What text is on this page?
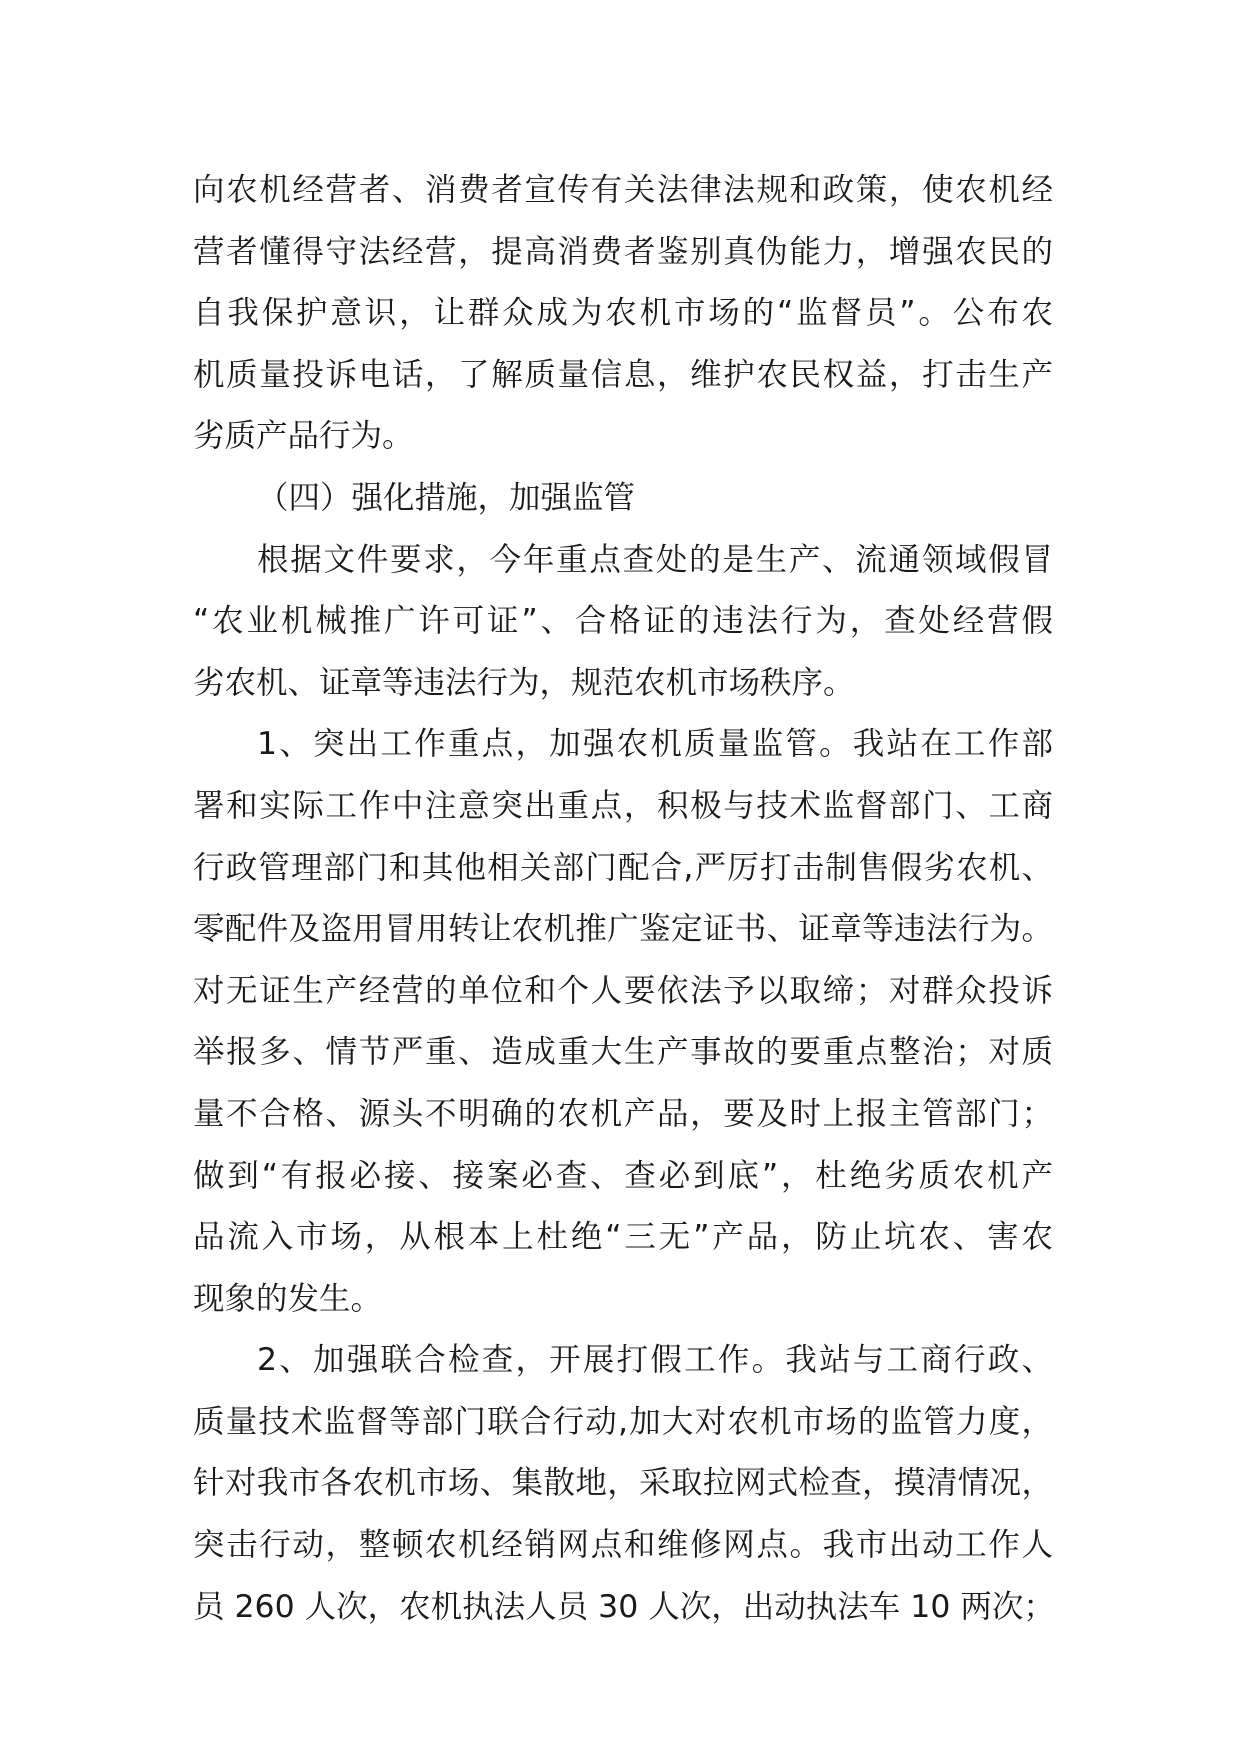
向农机经营者、消费者宣传有关法律法规和政策，使农机经
营者懂得守法经营，提高消费者鉴别真伪能力，增强农民的
自我保护意识，让群众成为农机市场的“监督员”。公布农
机质量投诉电话，了解质量信息，维护农民权益，打击生产
劣质产品行为。
（四）强化措施，加强监管
根据文件要求，今年重点查处的是生产、流通领域假冒
“农业机械推广许可证”、合格证的违法行为，查处经营假
劣农机、证章等违法行为，规范农机市场秩序。
1、突出工作重点，加强农机质量监管。我站在工作部
署和实际工作中注意突出重点，积极与技术监督部门、工商
行政管理部门和其他相关部门配合,严厉打击制售假劣农机、
零配件及盗用冒用转让农机推广鉴定证书、证章等违法行为。
对无证生产经营的单位和个人要依法予以取缔；对群众投诉
举报多、情节严重、造成重大生产事故的要重点整治；对质
量不合格、源头不明确的农机产品，要及时上报主管部门；
做到“有报必接、接案必查、查必到底”，杜绝劣质农机产
品流入市场，从根本上杜绝“三无”产品，防止坑农、害农
现象的发生。
2、加强联合检查，开展打假工作。我站与工商行政、
质量技术监督等部门联合行动,加大对农机市场的监管力度，
针对我市各农机市场、集散地，采取拉网式检查，摸清情况，
突击行动，整顿农机经销网点和维修网点。我市出动工作人
员 260 人次，农机执法人员 30 人次，出动执法车 10 两次；
